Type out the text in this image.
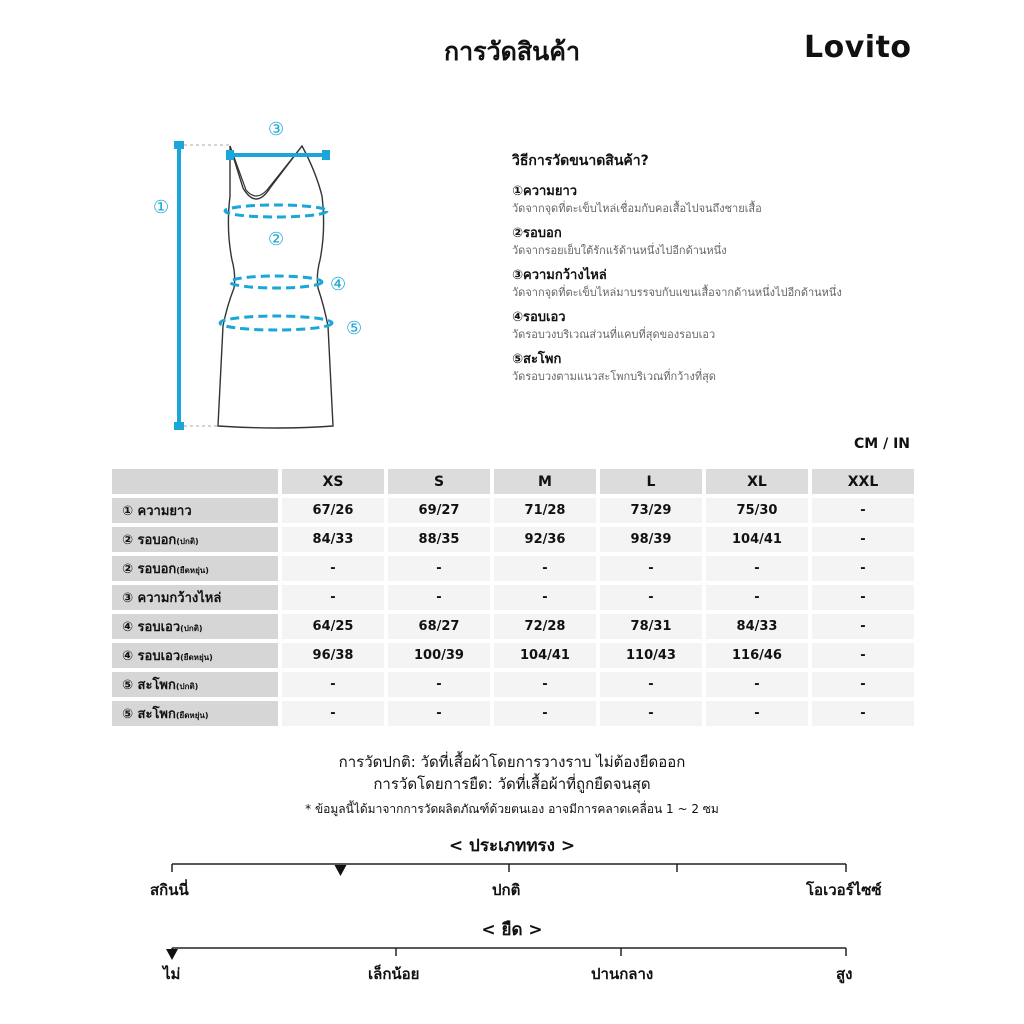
การวัดสินค้า	Lovito
①
②
③
④
⑤
วิธีการวัดขนาดสินค้า?
①ความยาว
วัดจากจุดที่ตะเข็บไหล่เชื่อมกับคอเสื้อไปจนถึงชายเสื้อ
②รอบอก
วัดจากรอยเย็บใต้รักแร้ด้านหนึ่งไปอีกด้านหนึ่ง
③ความกว้างไหล่
วัดจากจุดที่ตะเข็บไหล่มาบรรจบกับแขนเสื้อจากด้านหนึ่งไปอีกด้านหนึ่ง
④รอบเอว
วัดรอบวงบริเวณส่วนที่แคบที่สุดของรอบเอว
⑤สะโพก
วัดรอบวงตามแนวสะโพกบริเวณที่กว้างที่สุด
CM / IN
	XS	S	M	L	XL	XXL
① ความยาว	67/26	69/27	71/28	73/29	75/30	-
② รอบอก(ปกติ)	84/33	88/35	92/36	98/39	104/41	-
② รอบอก(ยืดหยุ่น)	-	-	-	-	-	-
③ ความกว้างไหล่	-	-	-	-	-	-
④ รอบเอว(ปกติ)	64/25	68/27	72/28	78/31	84/33	-
④ รอบเอว(ยืดหยุ่น)	96/38	100/39	104/41	110/43	116/46	-
⑤ สะโพก(ปกติ)	-	-	-	-	-	-
⑤ สะโพก(ยืดหยุ่น)	-	-	-	-	-	-
การวัดปกติ: วัดที่เสื้อผ้าโดยการวางราบ ไม่ต้องยืดออก
การวัดโดยการยืด: วัดที่เสื้อผ้าที่ถูกยืดจนสุด
* ข้อมูลนี้ได้มาจากการวัดผลิตภัณฑ์ด้วยตนเอง อาจมีการคลาดเคลื่อน 1 ~ 2 ซม
< ประเภททรง >
สกินนี่	ปกติ	โอเวอร์ไซซ์
< ยืด >
ไม่	เล็กน้อย	ปานกลาง	สูง
